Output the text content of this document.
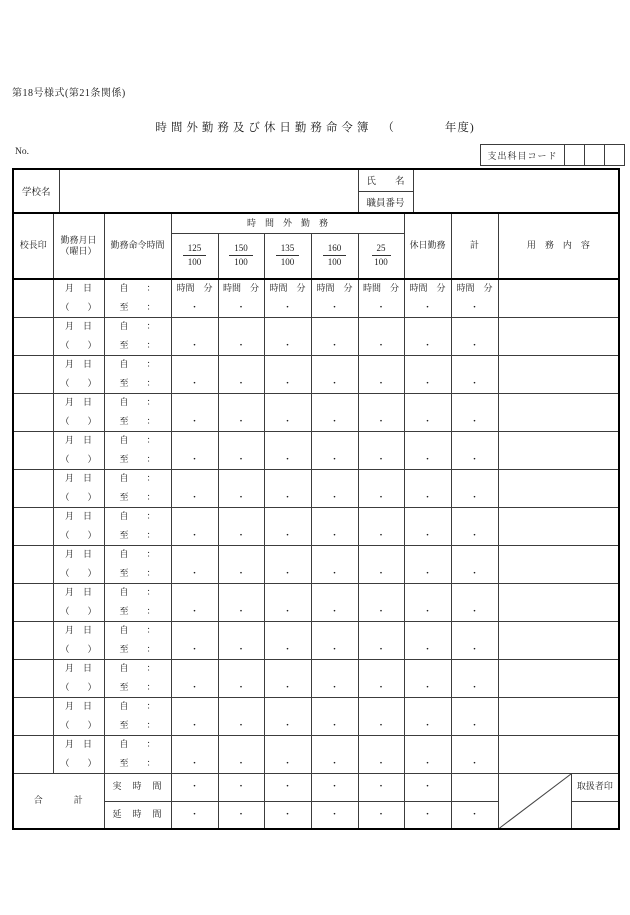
第18号様式(第21条関係)
時間外勤務及び休日勤務命令簿 （　　　　年度)
No.	支出科目コード			
学校名		氏　　名	
職員番号
校長印	勤務月日
（曜日）	勤務命令時間	時　間　外　勤　務					休日勤務	計	用　務　内　容	

			$\frac{125}{100}$	$\frac{150}{100}$	$\frac{135}{100}$	$\frac{160}{100}$	$\frac{25}{100}$

	月　日	自　　：	時間　分	時間　分	時間　分	時間　分	時間　分	時間　分	時間　分		
	（　　）	至　　：	・	・	・	・	・	・	・		
	月　日	自　　：									
	（　　）	至　　：	・	・	・	・	・	・	・		
	月　日	自　　：									
	（　　）	至　　：	・	・	・	・	・	・	・		
	月　日	自　　：									
	（　　）	至　　：	・	・	・	・	・	・	・		
	月　日	自　　：									
	（　　）	至　　：	・	・	・	・	・	・	・		
	月　日	自　　：									
	（　　）	至　　：	・	・	・	・	・	・	・		
	月　日	自　　：									
	（　　）	至　　：	・	・	・	・	・	・	・		
	月　日	自　　：									
	（　　）	至　　：	・	・	・	・	・	・	・		
	月　日	自　　：									
	（　　）	至　　：	・	・	・	・	・	・	・		
	月　日	自　　：									
	（　　）	至　　：	・	・	・	・	・	・	・		
	月　日	自　　：									
	（　　）	至　　：	・	・	・	・	・	・	・		
	月　日	自　　：									
	（　　）	至　　：	・	・	・	・	・	・	・		
	月　日	自　　：									
	（　　）	至　　：	・	・	・	・	・	・	・		
合　　　計		実　時　間	・	・	・	・	・	・			取扱者印
		延　時　間	・	・	・	・	・	・	・		
